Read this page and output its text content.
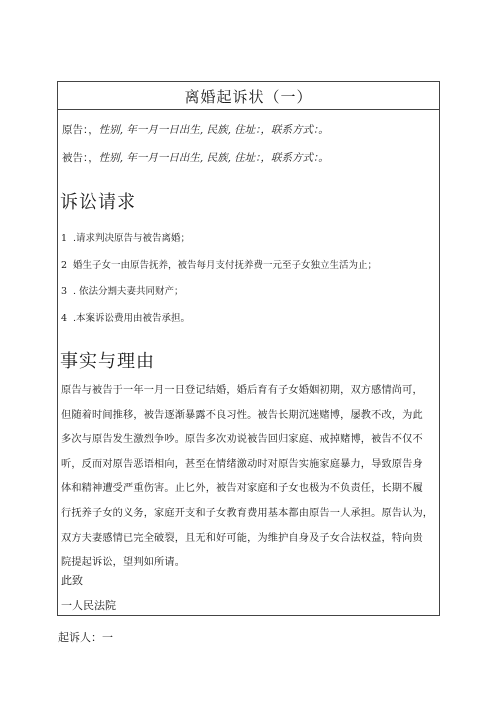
离婚起诉状（一）
原告：，性别, 年一月一日出生, 民族, 住址：，联系方式：。
被告：，性别, 年一月一日出生, 民族, 住址：，联系方式：。
诉讼请求
1 .请求判决原告与被告离婚；
2 婚生子女一由原告抚养，被告每月支付抚养费一元至子女独立生活为止；
3 . 依法分割夫妻共同财产；
4 .本案诉讼费用由被告承担。
事实与理由
原告与被告于一年一月一日登记结婚，婚后育有子女婚姻初期，双方感情尚可，
但随着时间推移，被告逐渐暴露不良习性。被告长期沉迷赌博，屡教不改，为此
多次与原告发生激烈争吵。原告多次劝说被告回归家庭、戒掉赌博，被告不仅不
听，反而对原告恶语相向，甚至在情绪激动时对原告实施家庭暴力，导致原告身
体和精神遭受严重伤害。止匕外，被告对家庭和子女也极为不负责任，长期不履
行抚养子女的义务，家庭开支和子女教育费用基本都由原告一人承担。原告认为，
双方夫妻感情已完全破裂，且无和好可能，为维护自身及子女合法权益，特向贵
院提起诉讼，望判如所请。
此致
一人民法院
起诉人：一
